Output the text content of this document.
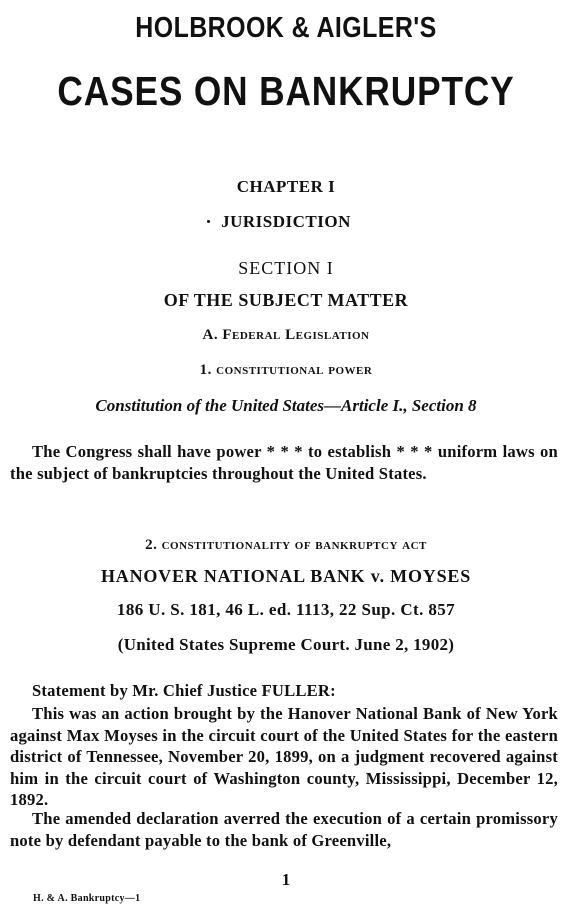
HOLBROOK & AIGLER'S
CASES ON BANKRUPTCY
CHAPTER I
JURISDICTION
SECTION I
OF THE SUBJECT MATTER
A. Federal Legislation
1. constitutional power
Constitution of the United States—Article I., Section 8
The Congress shall have power * * * to establish * * * uniform laws on the subject of bankruptcies throughout the United States.
2. constitutionality of bankruptcy act
HANOVER NATIONAL BANK v. MOYSES
186 U. S. 181, 46 L. ed. 1113, 22 Sup. Ct. 857
(United States Supreme Court. June 2, 1902)
Statement by Mr. Chief Justice FULLER:
This was an action brought by the Hanover National Bank of New York against Max Moyses in the circuit court of the United States for the eastern district of Tennessee, November 20, 1899, on a judgment recovered against him in the circuit court of Washington county, Mississippi, December 12, 1892.
The amended declaration averred the execution of a certain promissory note by defendant payable to the bank of Greenville,
1
H. & A. Bankruptcy—1
